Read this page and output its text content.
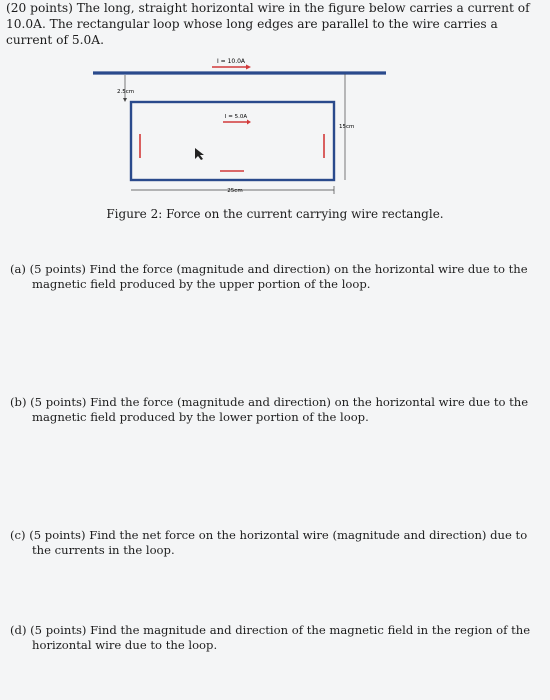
(20 points) The long, straight horizontal wire in the figure below carries a current of 10.0A. The rectangular loop whose long edges are parallel to the wire carries a current of 5.0A.

I = 10.0A
2.5cm
I = 5.0A
15cm
25cm

Figure 2: Force on the current carrying wire rectangle.

(a) (5 points) Find the force (magnitude and direction) on the horizontal wire due to the magnetic field produced by the upper portion of the loop.

(b) (5 points) Find the force (magnitude and direction) on the horizontal wire due to the magnetic field produced by the lower portion of the loop.

(c) (5 points) Find the net force on the horizontal wire (magnitude and direction) due to the currents in the loop.

(d) (5 points) Find the magnitude and direction of the magnetic field in the region of the horizontal wire due to the loop.
